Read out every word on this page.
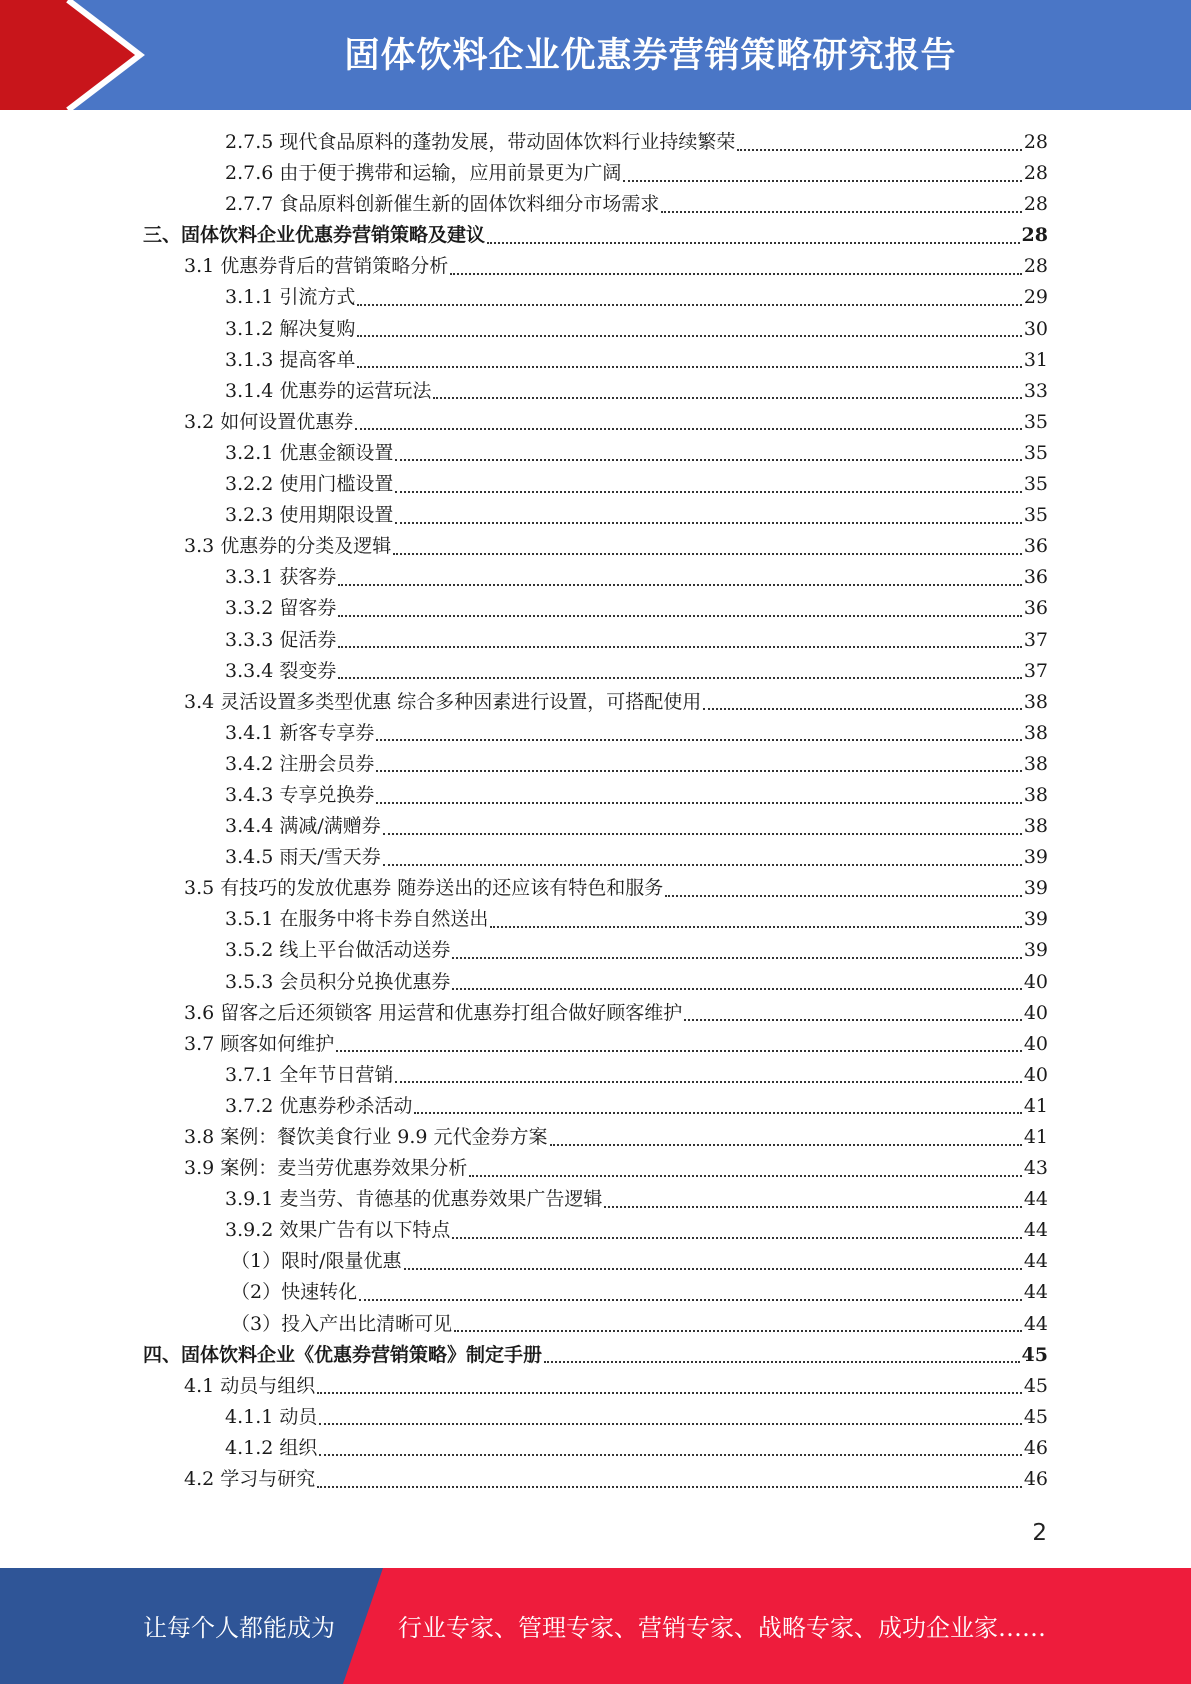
固体饮料企业优惠券营销策略研究报告
2.7.5 现代食品原料的蓬勃发展，带动固体饮料行业持续繁荣	28
2.7.6 由于便于携带和运输，应用前景更为广阔	28
2.7.7 食品原料创新催生新的固体饮料细分市场需求	28
三、固体饮料企业优惠券营销策略及建议	28
3.1 优惠券背后的营销策略分析	28
3.1.1 引流方式	29
3.1.2 解决复购	30
3.1.3 提高客单	31
3.1.4 优惠券的运营玩法	33
3.2 如何设置优惠券	35
3.2.1 优惠金额设置	35
3.2.2 使用门槛设置	35
3.2.3 使用期限设置	35
3.3 优惠券的分类及逻辑	36
3.3.1 获客券	36
3.3.2 留客券	36
3.3.3 促活券	37
3.3.4 裂变券	37
3.4 灵活设置多类型优惠 综合多种因素进行设置，可搭配使用	38
3.4.1 新客专享券	38
3.4.2 注册会员券	38
3.4.3 专享兑换券	38
3.4.4 满减/满赠券	38
3.4.5 雨天/雪天券	39
3.5 有技巧的发放优惠券 随券送出的还应该有特色和服务	39
3.5.1 在服务中将卡券自然送出	39
3.5.2 线上平台做活动送券	39
3.5.3 会员积分兑换优惠券	40
3.6 留客之后还须锁客 用运营和优惠券打组合做好顾客维护	40
3.7 顾客如何维护	40
3.7.1 全年节日营销	40
3.7.2 优惠券秒杀活动	41
3.8 案例：餐饮美食行业 9.9 元代金券方案	41
3.9 案例：麦当劳优惠券效果分析	43
3.9.1 麦当劳、肯德基的优惠券效果广告逻辑	44
3.9.2 效果广告有以下特点	44
（1）限时/限量优惠	44
（2）快速转化	44
（3）投入产出比清晰可见	44
四、固体饮料企业《优惠券营销策略》制定手册	45
4.1 动员与组织	45
4.1.1 动员	45
4.1.2 组织	46
4.2 学习与研究	46
2
让每个人都能成为	行业专家、管理专家、营销专家、战略专家、成功企业家……
